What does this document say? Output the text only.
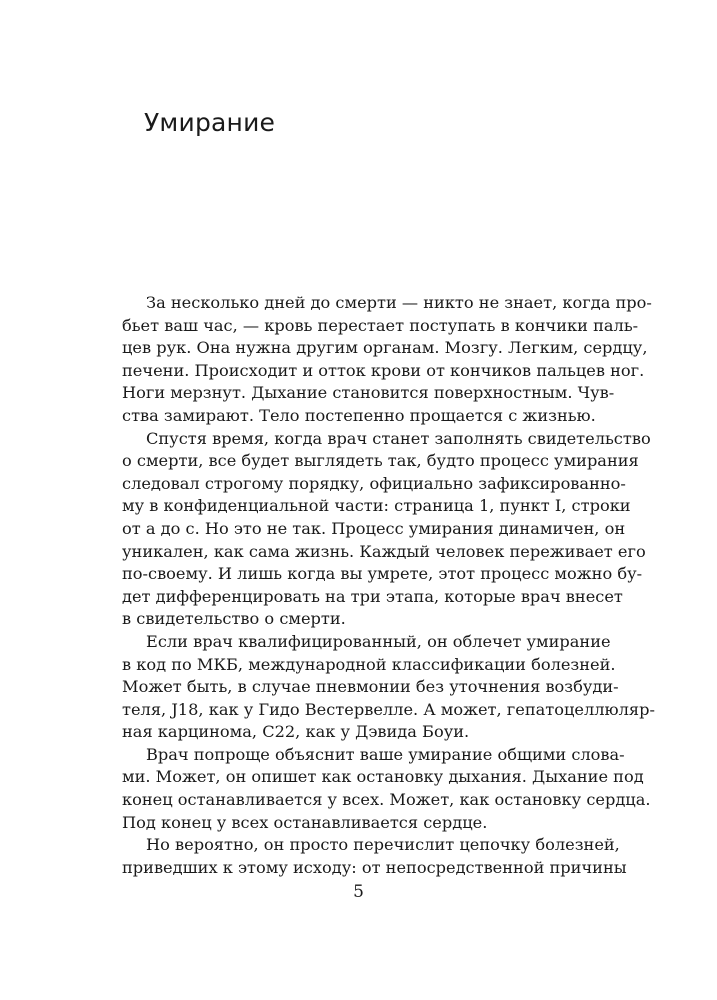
Умирание
За несколько дней до смерти — никто не знает, когда про-
бьет ваш час, — кровь перестает поступать в кончики паль-
цев рук. Она нужна другим органам. Мозгу. Легким, сердцу,
печени. Происходит и отток крови от кончиков пальцев ног.
Ноги мерзнут. Дыхание становится поверхностным. Чув-
ства замирают. Тело постепенно прощается с жизнью.
Спустя время, когда врач станет заполнять свидетельство
о смерти, все будет выглядеть так, будто процесс умирания
следовал строгому порядку, официально зафиксированно-
му в конфиденциальной части: страница 1, пункт I, строки
от а до с. Но это не так. Процесс умирания динамичен, он
уникален, как сама жизнь. Каждый человек переживает его
по-своему. И лишь когда вы умрете, этот процесс можно бу-
дет дифференцировать на три этапа, которые врач внесет
в свидетельство о смерти.
Если врач квалифицированный, он облечет умирание
в код по МКБ, международной классификации болезней.
Может быть, в случае пневмонии без уточнения возбуди-
теля, J18, как у Гидо Вестервелле. А может, гепатоцеллюляр-
ная карцинома, С22, как у Дэвида Боуи.
Врач попроще объяснит ваше умирание общими слова-
ми. Может, он опишет как остановку дыхания. Дыхание под
конец останавливается у всех. Может, как остановку сердца.
Под конец у всех останавливается сердце.
Но вероятно, он просто перечислит цепочку болезней,
приведших к этому исходу: от непосредственной причины
5
